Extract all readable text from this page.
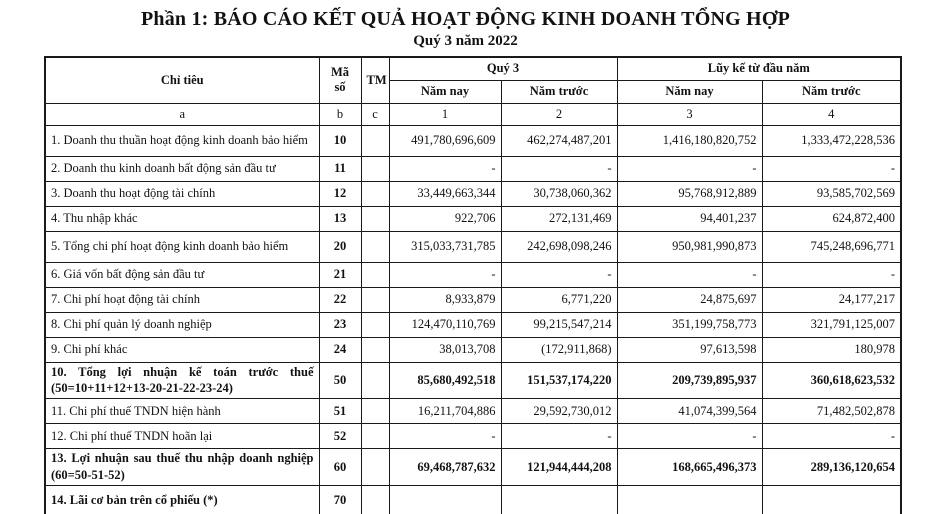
Phần 1: BÁO CÁO KẾT QUẢ HOẠT ĐỘNG KINH DOANH TỔNG HỢP
Quý 3 năm 2022
Chỉ tiêu	Mã số	TM	Quý 3		Lũy kế từ đầu năm	
			Năm nay	Năm trước	Năm nay	Năm trước
a	b	c	1	2	3	4
1. Doanh thu thuần hoạt động kinh doanh bảo hiểm	10		491,780,696,609	462,274,487,201	1,416,180,820,752	1,333,472,228,536
2. Doanh thu kinh doanh bất động sản đầu tư	11		-	-	-	-
3. Doanh thu hoạt động tài chính	12		33,449,663,344	30,738,060,362	95,768,912,889	93,585,702,569
4. Thu nhập khác	13		922,706	272,131,469	94,401,237	624,872,400
5. Tổng chi phí hoạt động kinh doanh bảo hiểm	20		315,033,731,785	242,698,098,246	950,981,990,873	745,248,696,771
6. Giá vốn bất động sản đầu tư	21		-	-	-	-
7. Chi phí hoạt động tài chính	22		8,933,879	6,771,220	24,875,697	24,177,217
8. Chi phí quản lý doanh nghiệp	23		124,470,110,769	99,215,547,214	351,199,758,773	321,791,125,007
9. Chi phí khác	24		38,013,708	(172,911,868)	97,613,598	180,978
10. Tổng lợi nhuận kế toán trước thuế (50=10+11+12+13-20-21-22-23-24)	50		85,680,492,518	151,537,174,220	209,739,895,937	360,618,623,532
11. Chi phí thuế TNDN hiện hành	51		16,211,704,886	29,592,730,012	41,074,399,564	71,482,502,878
12. Chi phí thuế TNDN hoãn lại	52		-	-	-	-
13. Lợi nhuận sau thuế thu nhập doanh nghiệp (60=50-51-52)	60		69,468,787,632	121,944,444,208	168,665,496,373	289,136,120,654
14. Lãi cơ bản trên cổ phiếu (*)	70					
